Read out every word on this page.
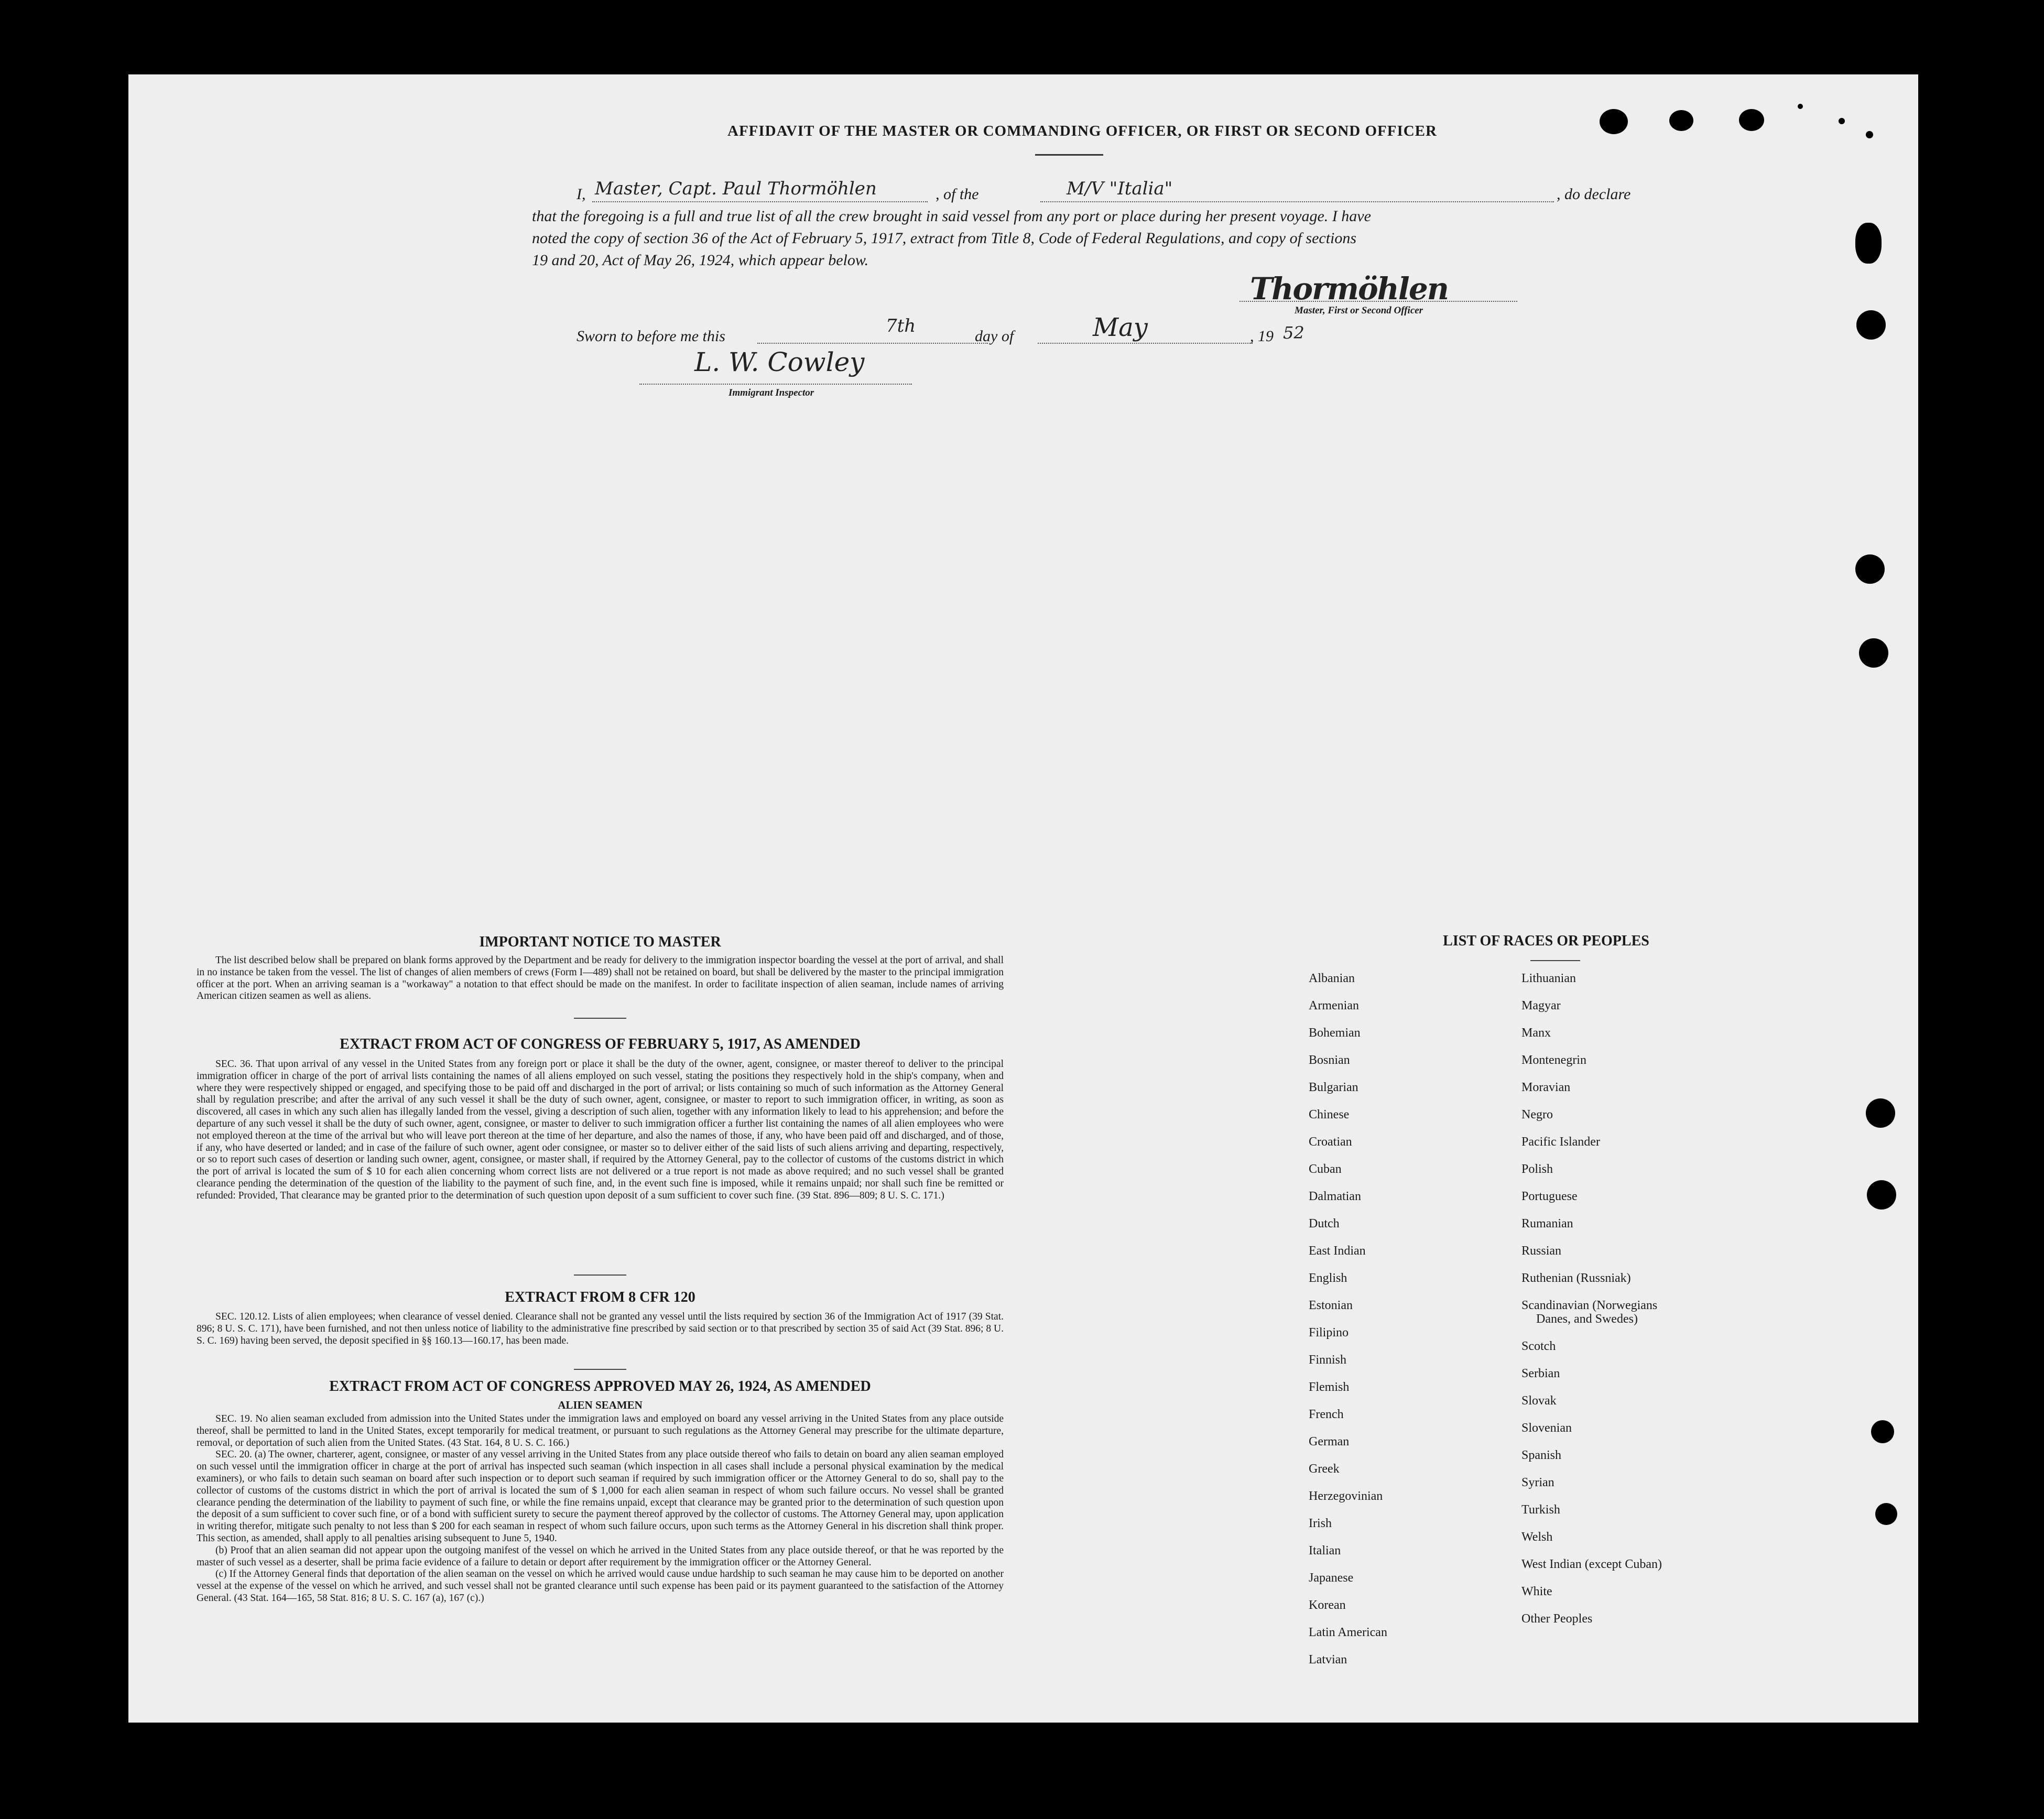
AFFIDAVIT OF THE MASTER OR COMMANDING OFFICER, OR FIRST OR SECOND OFFICER
I, Master, Capt. Paul Thormöhlen	, of the	M/V "Italia"	, do declare
that the foregoing is a full and true list of all the crew brought in said vessel from any port or place during her present voyage. I have
noted the copy of section 36 of the Act of February 5, 1917, extract from Title 8, Code of Federal Regulations, and copy of sections
19 and 20, Act of May 26, 1924, which appear below.
Thormöhlen
Master, First or Second Officer
Sworn to before me this	7th	day of	May	, 19 52
L. W. Cowley
Immigrant Inspector
IMPORTANT NOTICE TO MASTER

The list described below shall be prepared on blank forms approved by the Department and be ready for delivery to the immigration inspector boarding the vessel at the port of arrival, and shall in no instance be taken from the vessel. The list of changes of alien members of crews (Form I—489) shall not be retained on board, but shall be delivered by the master to the principal immigration officer at the port. When an arriving seaman is a "workaway" a notation to that effect should be made on the manifest. In order to facilitate inspection of alien seaman, include names of arriving American citizen seamen as well as aliens.

EXTRACT FROM ACT OF CONGRESS OF FEBRUARY 5, 1917, AS AMENDED

SEC. 36. That upon arrival of any vessel in the United States from any foreign port or place it shall be the duty of the owner, agent, consignee, or master thereof to deliver to the principal immigration officer in charge of the port of arrival lists containing the names of all aliens employed on such vessel, stating the positions they respectively hold in the ship's company, when and where they were respectively shipped or engaged, and specifying those to be paid off and discharged in the port of arrival; or lists containing so much of such information as the Attorney General shall by regulation prescribe; and after the arrival of any such vessel it shall be the duty of such owner, agent, consignee, or master to report to such immigration officer, in writing, as soon as discovered, all cases in which any such alien has illegally landed from the vessel, giving a description of such alien, together with any information likely to lead to his apprehension; and before the departure of any such vessel it shall be the duty of such owner, agent, consignee, or master to deliver to such immigration officer a further list containing the names of all alien employees who were not employed thereon at the time of the arrival but who will leave port thereon at the time of her departure, and also the names of those, if any, who have been paid off and discharged, and of those, if any, who have deserted or landed; and in case of the failure of such owner, agent oder consignee, or master so to deliver either of the said lists of such aliens arriving and departing, respectively, or so to report such cases of desertion or landing such owner, agent, consignee, or master shall, if required by the Attorney General, pay to the collector of customs of the customs district in which the port of arrival is located the sum of $ 10 for each alien concerning whom correct lists are not delivered or a true report is not made as above required; and no such vessel shall be granted clearance pending the determination of the question of the liability to the payment of such fine, and, in the event such fine is imposed, while it remains unpaid; nor shall such fine be remitted or refunded: Provided, That clearance may be granted prior to the determination of such question upon deposit of a sum sufficient to cover such fine. (39 Stat. 896—809; 8 U. S. C. 171.)

EXTRACT FROM 8 CFR 120

SEC. 120.12. Lists of alien employees; when clearance of vessel denied. Clearance shall not be granted any vessel until the lists required by section 36 of the Immigration Act of 1917 (39 Stat. 896; 8 U. S. C. 171), have been furnished, and not then unless notice of liability to the administrative fine prescribed by said section or to that prescribed by section 35 of said Act (39 Stat. 896; 8 U. S. C. 169) having been served, the deposit specified in §§ 160.13—160.17, has been made.

EXTRACT FROM ACT OF CONGRESS APPROVED MAY 26, 1924, AS AMENDED
ALIEN SEAMEN

SEC. 19. No alien seaman excluded from admission into the United States under the immigration laws and employed on board any vessel arriving in the United States from any place outside thereof, shall be permitted to land in the United States, except temporarily for medical treatment, or pursuant to such regulations as the Attorney General may prescribe for the ultimate departure, removal, or deportation of such alien from the United States. (43 Stat. 164, 8 U. S. C. 166.)

SEC. 20. (a) The owner, charterer, agent, consignee, or master of any vessel arriving in the United States from any place outside thereof who fails to detain on board any alien seaman employed on such vessel until the immigration officer in charge at the port of arrival has inspected such seaman (which inspection in all cases shall include a personal physical examination by the medical examiners), or who fails to detain such seaman on board after such inspection or to deport such seaman if required by such immigration officer or the Attorney General to do so, shall pay to the collector of customs of the customs district in which the port of arrival is located the sum of $ 1,000 for each alien seaman in respect of whom such failure occurs. No vessel shall be granted clearance pending the determination of the liability to payment of such fine, or while the fine remains unpaid, except that clearance may be granted prior to the determination of such question upon the deposit of a sum sufficient to cover such fine, or of a bond with sufficient surety to secure the payment thereof approved by the collector of customs. The Attorney General may, upon application in writing therefor, mitigate such penalty to not less than $ 200 for each seaman in respect of whom such failure occurs, upon such terms as the Attorney General in his discretion shall think proper. This section, as amended, shall apply to all penalties arising subsequent to June 5, 1940.

(b) Proof that an alien seaman did not appear upon the outgoing manifest of the vessel on which he arrived in the United States from any place outside thereof, or that he was reported by the master of such vessel as a deserter, shall be prima facie evidence of a failure to detain or deport after requirement by the immigration officer or the Attorney General.

(c) If the Attorney General finds that deportation of the alien seaman on the vessel on which he arrived would cause undue hardship to such seaman he may cause him to be deported on another vessel at the expense of the vessel on which he arrived, and such vessel shall not be granted clearance until such expense has been paid or its payment guaranteed to the satisfaction of the Attorney General. (43 Stat. 164—165, 58 Stat. 816; 8 U. S. C. 167 (a), 167 (c).)

LIST OF RACES OR PEOPLES
Albanian
Armenian
Bohemian
Bosnian
Bulgarian
Chinese
Croatian
Cuban
Dalmatian
Dutch
East Indian
English
Estonian
Filipino
Finnish
Flemish
French
German
Greek
Herzegovinian
Irish
Italian
Japanese
Korean
Latin American
Latvian
Lithuanian
Magyar
Manx
Montenegrin
Moravian
Negro
Pacific Islander
Polish
Portuguese
Rumanian
Russian
Ruthenian (Russniak)
Scandinavian (Norwegians
Danes, and Swedes)
Scotch
Serbian
Slovak
Slovenian
Spanish
Syrian
Turkish
Welsh
West Indian (except Cuban)
White
Other Peoples
